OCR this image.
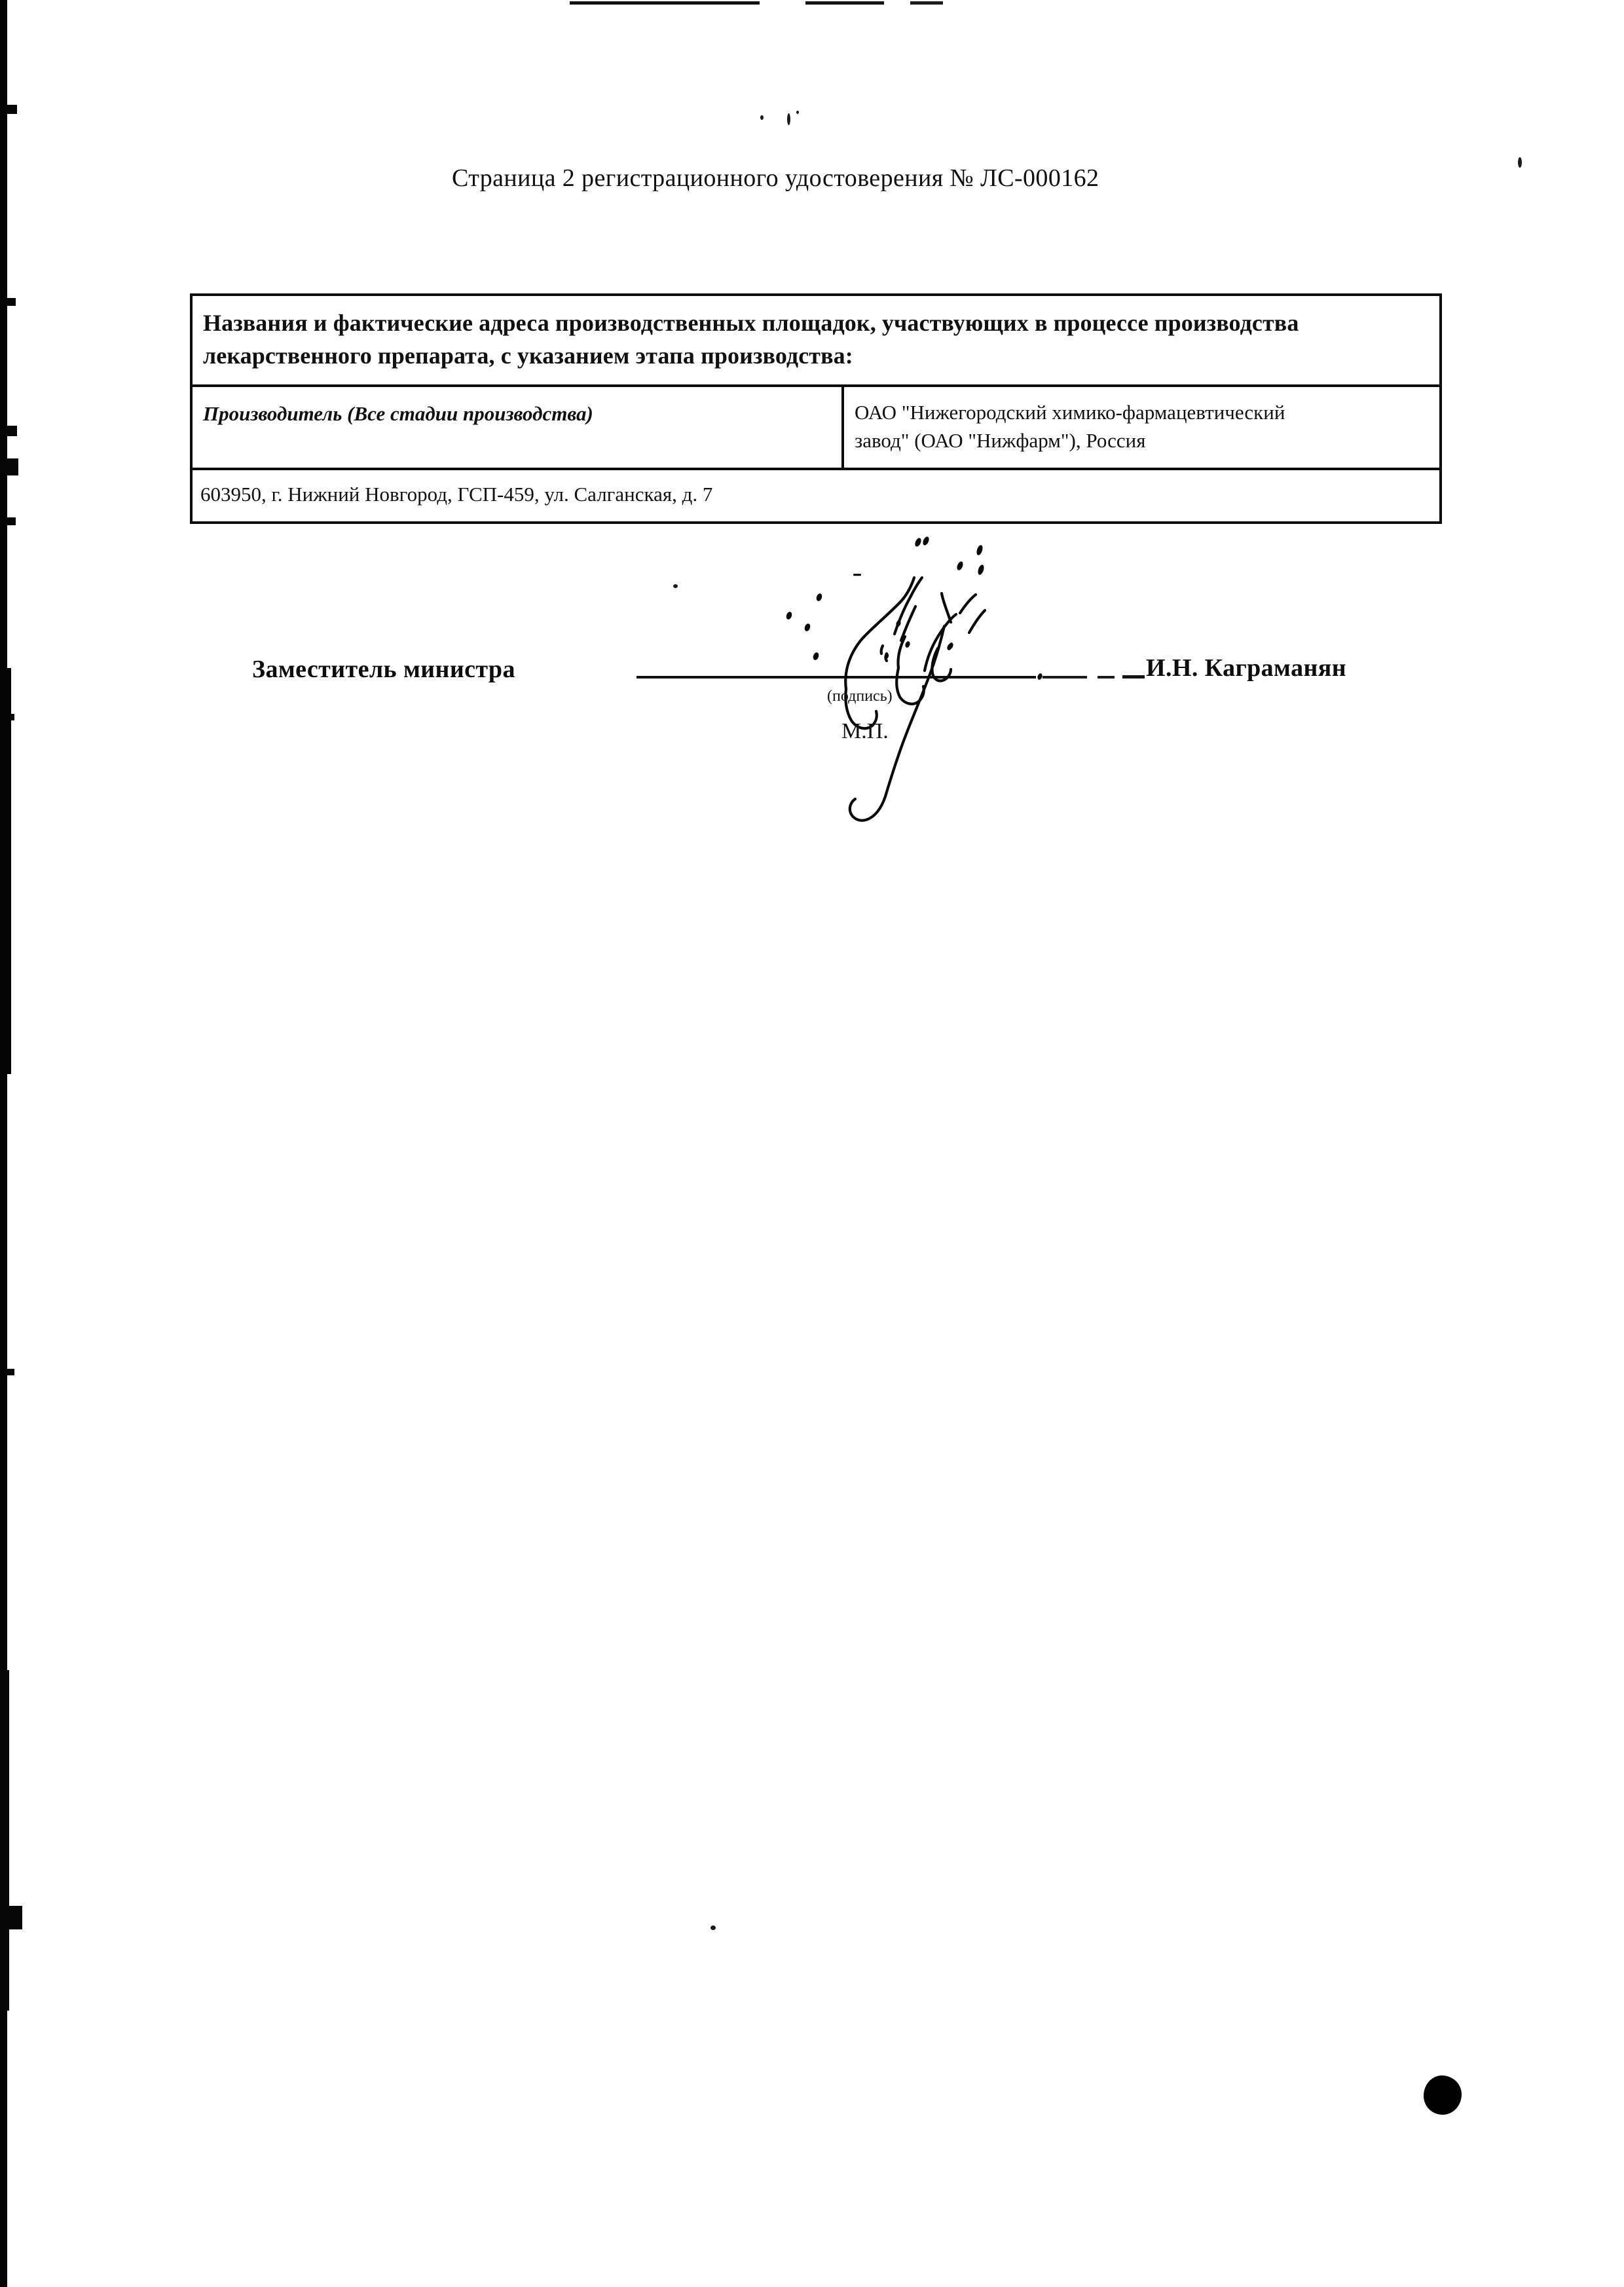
Страница 2 регистрационного удостоверения № ЛС-000162
Названия и фактические адреса производственных площадок, участвующих в процессе производства лекарственного препарата, с указанием этапа производства:
Производитель (Все стадии производства)	ОАО "Нижегородский химико-фармацевтический
завод" (ОАО "Нижфарм"), Россия
603950, г. Нижний Новгород, ГСП-459, ул. Салганская, д. 7
Заместитель министра
(подпись)
М.П.
И.Н. Каграманян
